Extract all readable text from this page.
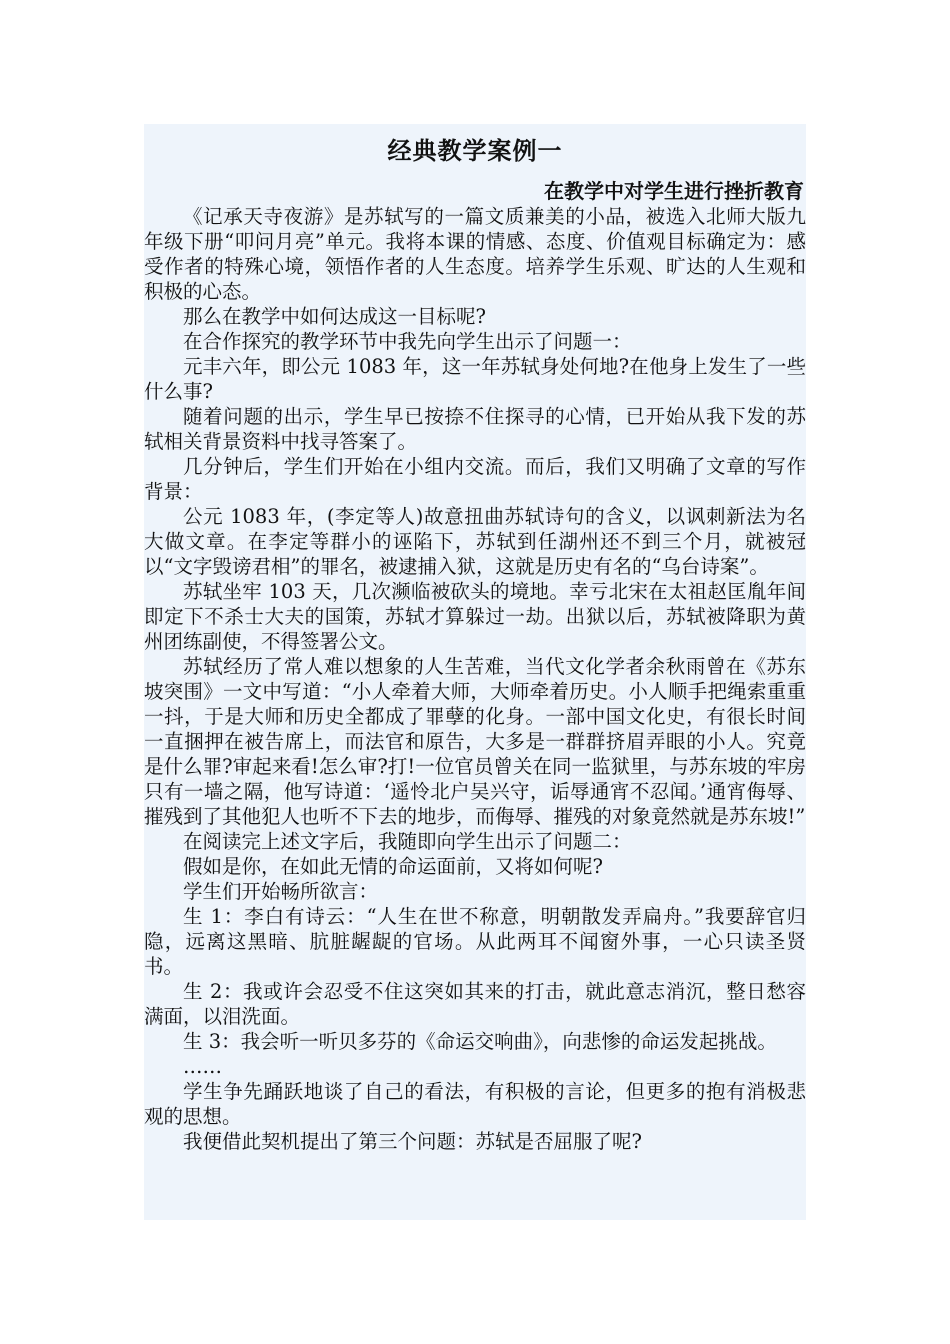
经典教学案例一
在教学中对学生进行挫折教育

《记承天寺夜游》是苏轼写的一篇文质兼美的小品，被选入北师大版九年级下册“叩问月亮”单元。我将本课的情感、态度、价值观目标确定为：感受作者的特殊心境，领悟作者的人生态度。培养学生乐观、旷达的人生观和积极的心态。

那么在教学中如何达成这一目标呢?

在合作探究的教学环节中我先向学生出示了问题一：

元丰六年，即公元 1083 年，这一年苏轼身处何地?在他身上发生了一些什么事?

随着问题的出示，学生早已按捺不住探寻的心情，已开始从我下发的苏轼相关背景资料中找寻答案了。

几分钟后，学生们开始在小组内交流。而后，我们又明确了文章的写作背景：

公元 1083 年，(李定等人)故意扭曲苏轼诗句的含义，以讽刺新法为名大做文章。在李定等群小的诬陷下，苏轼到任湖州还不到三个月，就被冠以“文字毁谤君相”的罪名，被逮捕入狱，这就是历史有名的“乌台诗案”。

苏轼坐牢 103 天，几次濒临被砍头的境地。幸亏北宋在太祖赵匡胤年间即定下不杀士大夫的国策，苏轼才算躲过一劫。出狱以后，苏轼被降职为黄州团练副使，不得签署公文。

苏轼经历了常人难以想象的人生苦难，当代文化学者余秋雨曾在《苏东坡突围》一文中写道：“小人牵着大师，大师牵着历史。小人顺手把绳索重重一抖，于是大师和历史全都成了罪孽的化身。一部中国文化史，有很长时间一直捆押在被告席上，而法官和原告，大多是一群群挤眉弄眼的小人。究竟是什么罪?审起来看!怎么审?打!一位官员曾关在同一监狱里，与苏东坡的牢房只有一墙之隔，他写诗道：‘遥怜北户吴兴守，诟辱通宵不忍闻。’通宵侮辱、摧残到了其他犯人也听不下去的地步，而侮辱、摧残的对象竟然就是苏东坡!”

在阅读完上述文字后，我随即向学生出示了问题二：

假如是你，在如此无情的命运面前，又将如何呢?

学生们开始畅所欲言：

生 1：李白有诗云：“人生在世不称意，明朝散发弄扁舟。”我要辞官归隐，远离这黑暗、肮脏龌龊的官场。从此两耳不闻窗外事，一心只读圣贤书。

生 2：我或许会忍受不住这突如其来的打击，就此意志消沉，整日愁容满面，以泪洗面。

生 3：我会听一听贝多芬的《命运交响曲》，向悲惨的命运发起挑战。

……

学生争先踊跃地谈了自己的看法，有积极的言论，但更多的抱有消极悲观的思想。

我便借此契机提出了第三个问题：苏轼是否屈服了呢?
